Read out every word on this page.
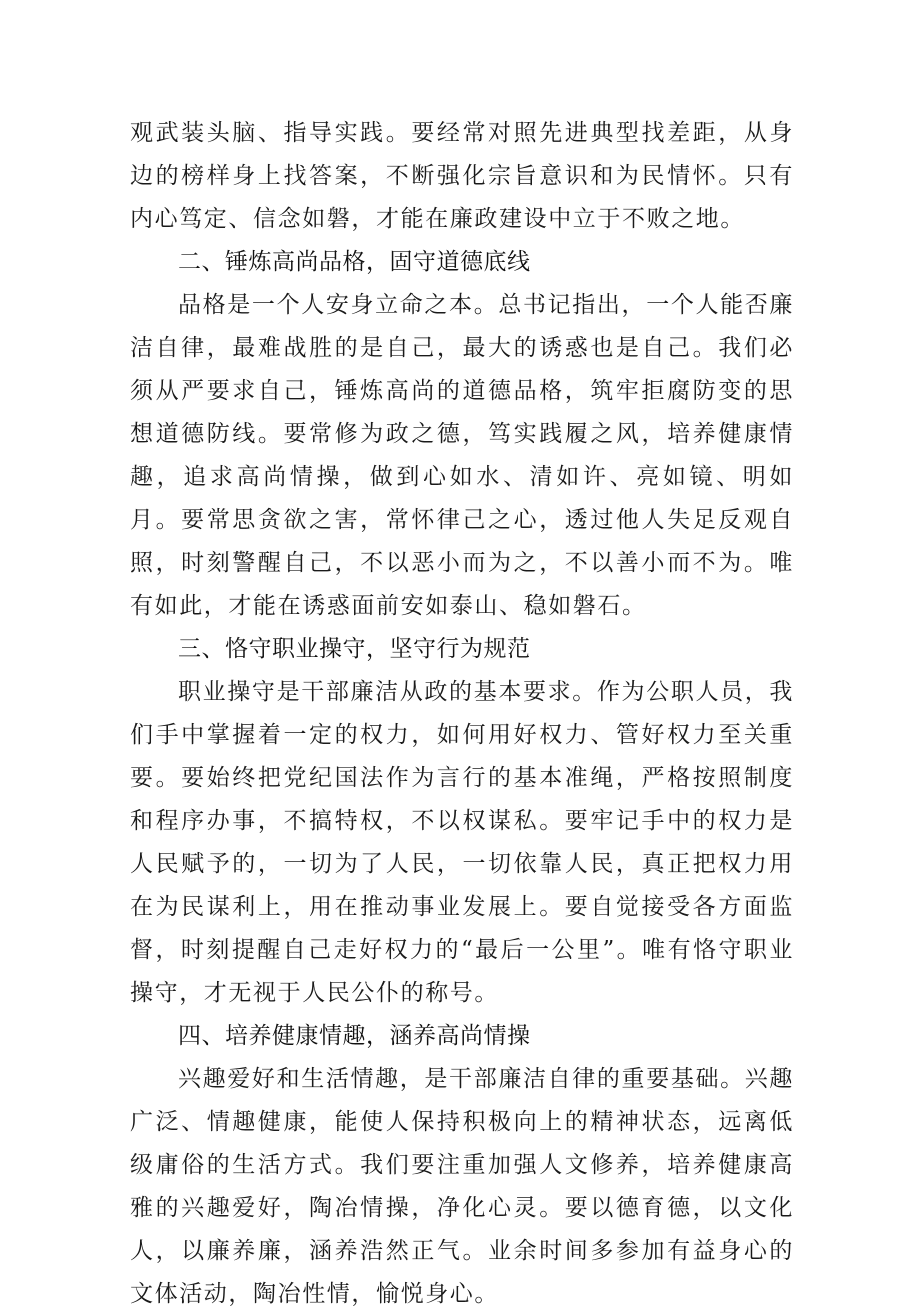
观武装头脑、指导实践。要经常对照先进典型找差距，从身边的榜样身上找答案，不断强化宗旨意识和为民情怀。只有内心笃定、信念如磐，才能在廉政建设中立于不败之地。

二、锤炼高尚品格，固守道德底线

品格是一个人安身立命之本。总书记指出，一个人能否廉洁自律，最难战胜的是自己，最大的诱惑也是自己。我们必须从严要求自己，锤炼高尚的道德品格，筑牢拒腐防变的思想道德防线。要常修为政之德，笃实践履之风，培养健康情趣，追求高尚情操，做到心如水、清如许、亮如镜、明如月。要常思贪欲之害，常怀律己之心，透过他人失足反观自照，时刻警醒自己，不以恶小而为之，不以善小而不为。唯有如此，才能在诱惑面前安如泰山、稳如磐石。

三、恪守职业操守，坚守行为规范

职业操守是干部廉洁从政的基本要求。作为公职人员，我们手中掌握着一定的权力，如何用好权力、管好权力至关重要。要始终把党纪国法作为言行的基本准绳，严格按照制度和程序办事，不搞特权，不以权谋私。要牢记手中的权力是人民赋予的，一切为了人民，一切依靠人民，真正把权力用在为民谋利上，用在推动事业发展上。要自觉接受各方面监督，时刻提醒自己走好权力的“最后一公里”。唯有恪守职业操守，才无视于人民公仆的称号。

四、培养健康情趣，涵养高尚情操

兴趣爱好和生活情趣，是干部廉洁自律的重要基础。兴趣广泛、情趣健康，能使人保持积极向上的精神状态，远离低级庸俗的生活方式。我们要注重加强人文修养，培养健康高雅的兴趣爱好，陶冶情操，净化心灵。要以德育德，以文化人，以廉养廉，涵养浩然正气。业余时间多参加有益身心的文体活动，陶冶性情，愉悦身心。
